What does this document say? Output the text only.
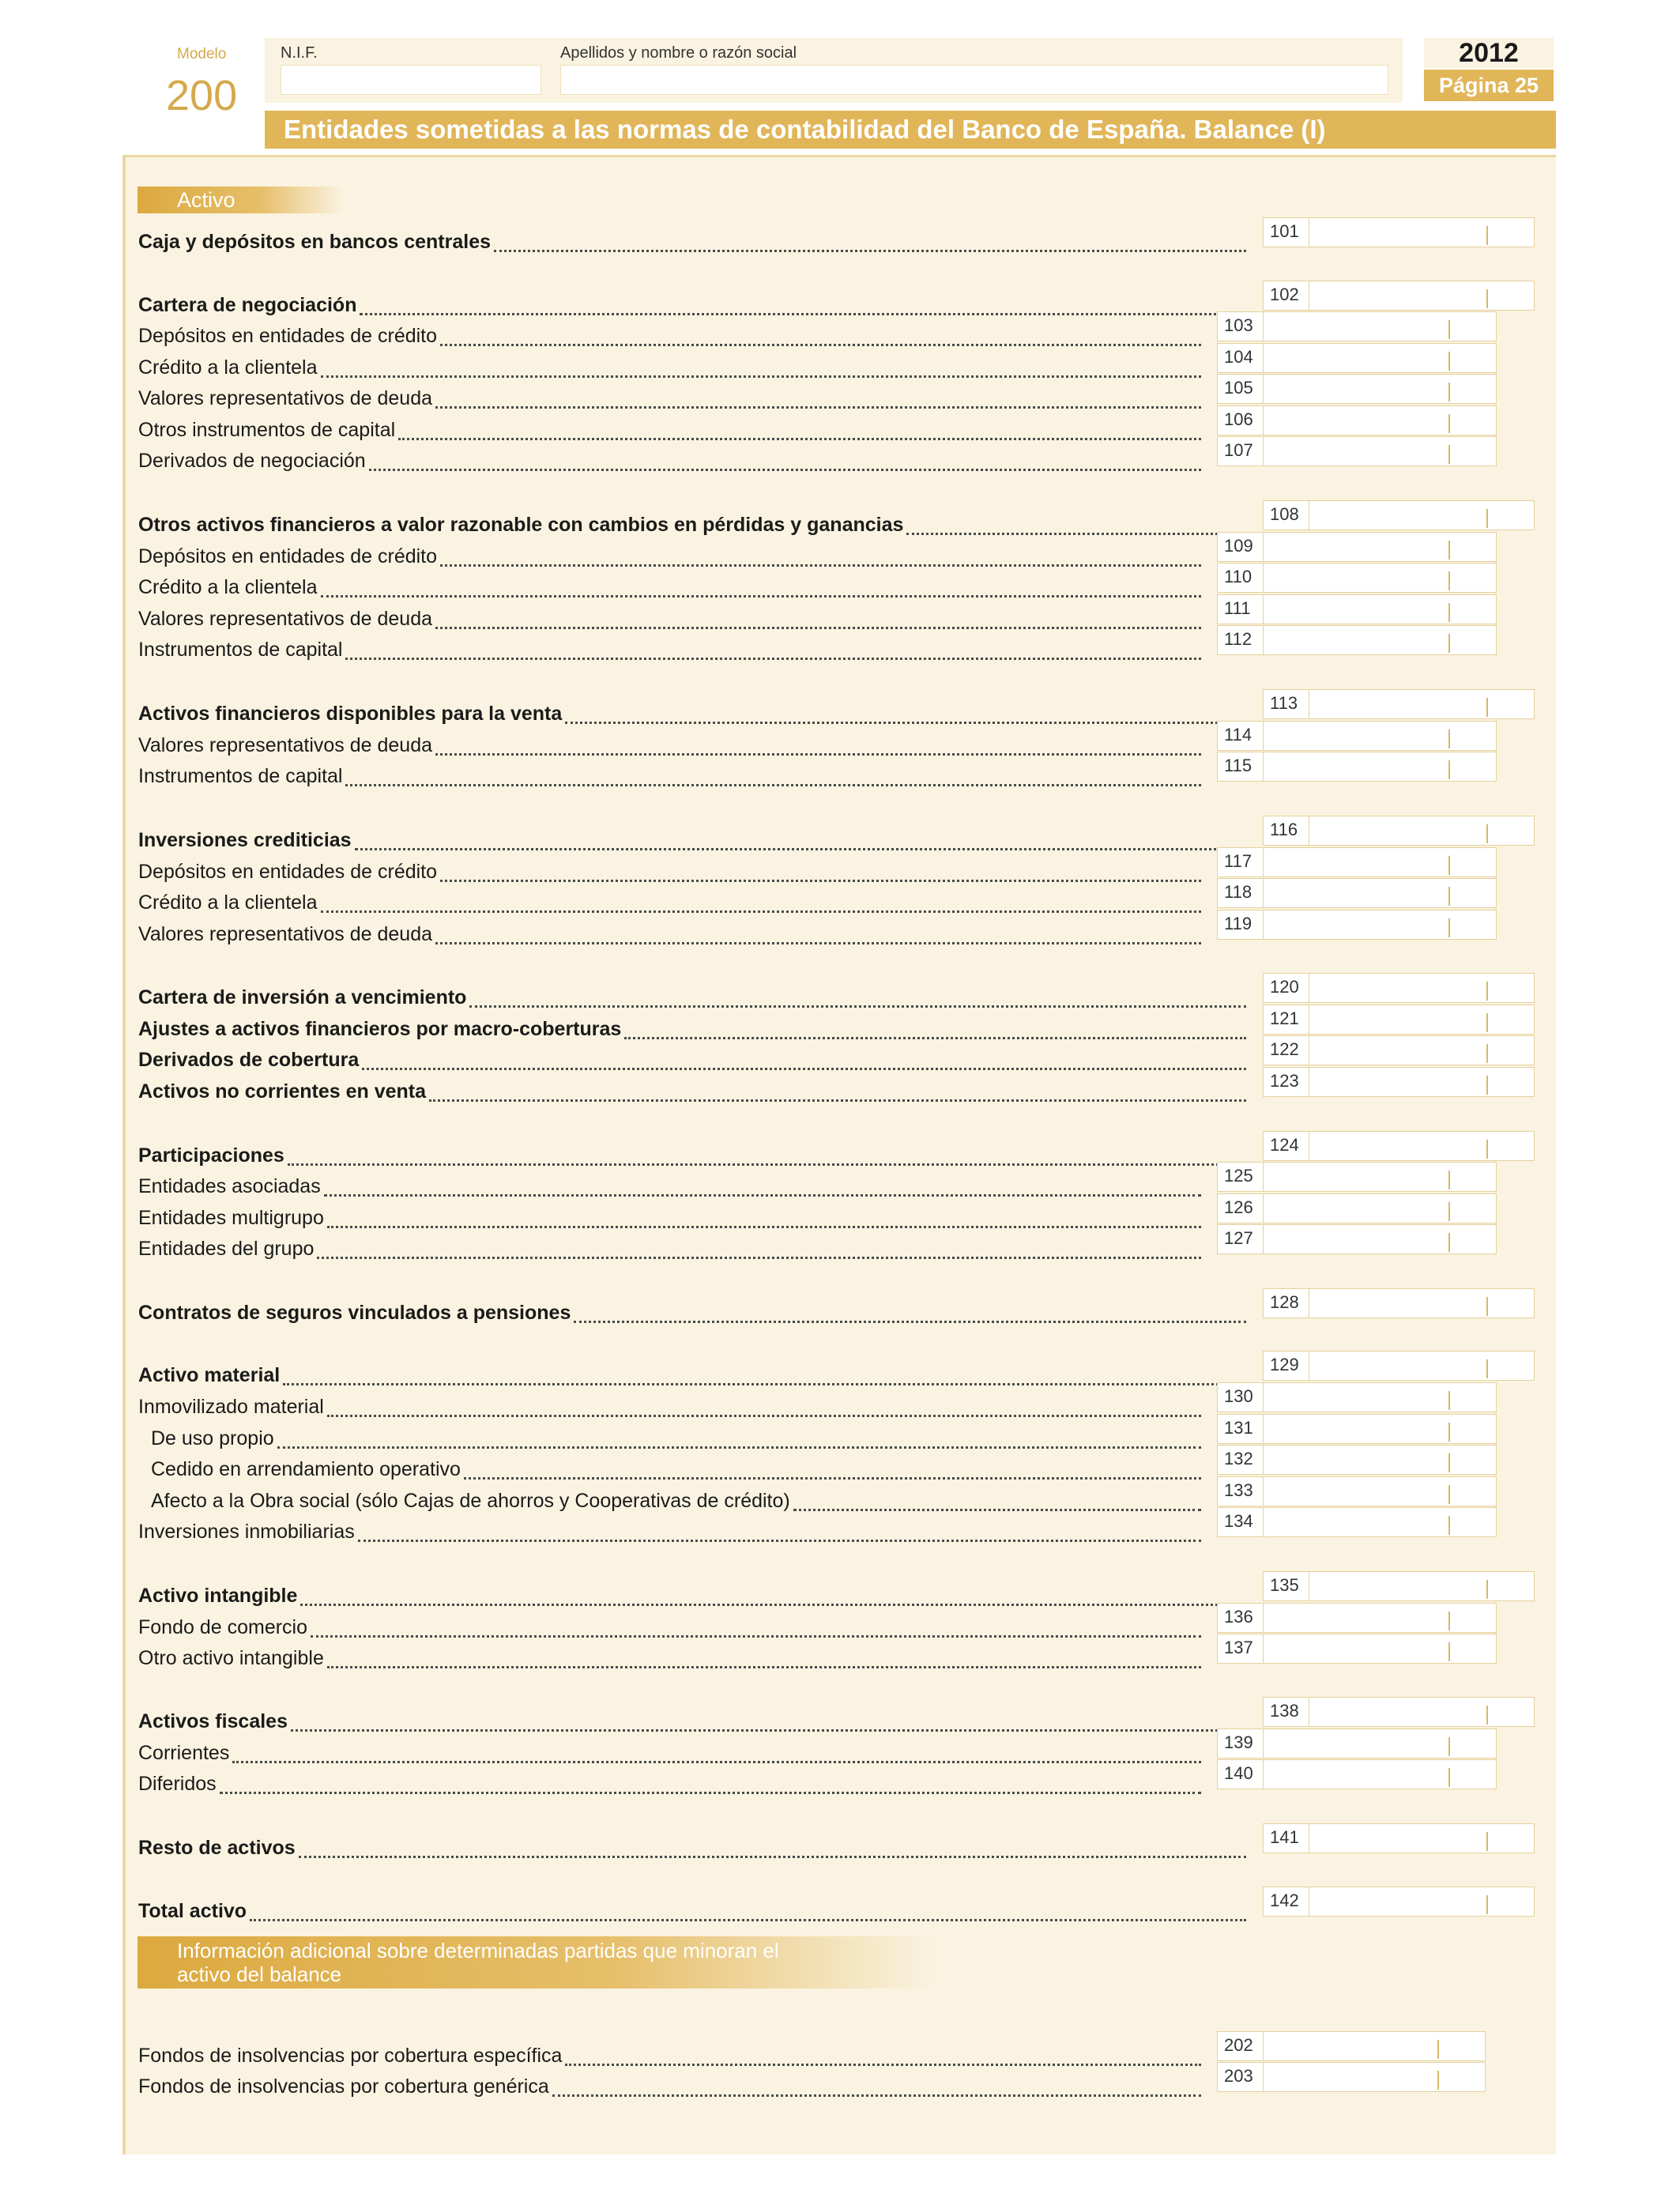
Modelo
200
N.I.F.	Apellidos y nombre o razón social	2012
Página 25
Entidades sometidas a las normas de contabilidad del Banco de España. Balance (I)
Activo
Información adicional sobre determinadas partidas que minoran el activo del balance
Caja y depósitos en bancos centrales	101
Cartera de negociación	102
Depósitos en entidades de crédito	103
Crédito a la clientela	104
Valores representativos de deuda	105
Otros instrumentos de capital	106
Derivados de negociación	107
Otros activos financieros a valor razonable con cambios en pérdidas y ganancias	108
Depósitos en entidades de crédito	109
Crédito a la clientela	110
Valores representativos de deuda	111
Instrumentos de capital	112
Activos financieros disponibles para la venta	113
Valores representativos de deuda	114
Instrumentos de capital	115
Inversiones crediticias	116
Depósitos en entidades de crédito	117
Crédito a la clientela	118
Valores representativos de deuda	119
Cartera de inversión a vencimiento	120
Ajustes a activos financieros por macro-coberturas	121
Derivados de cobertura	122
Activos no corrientes en venta	123
Participaciones	124
Entidades asociadas	125
Entidades multigrupo	126
Entidades del grupo	127
Contratos de seguros vinculados a pensiones	128
Activo material	129
Inmovilizado material	130
De uso propio	131
Cedido en arrendamiento operativo	132
Afecto a la Obra social (sólo Cajas de ahorros y Cooperativas de crédito)	133
Inversiones inmobiliarias	134
Activo intangible	135
Fondo de comercio	136
Otro activo intangible	137
Activos fiscales	138
Corrientes	139
Diferidos	140
Resto de activos	141
Total activo	142
Fondos de insolvencias por cobertura específica	202
Fondos de insolvencias por cobertura genérica	203
